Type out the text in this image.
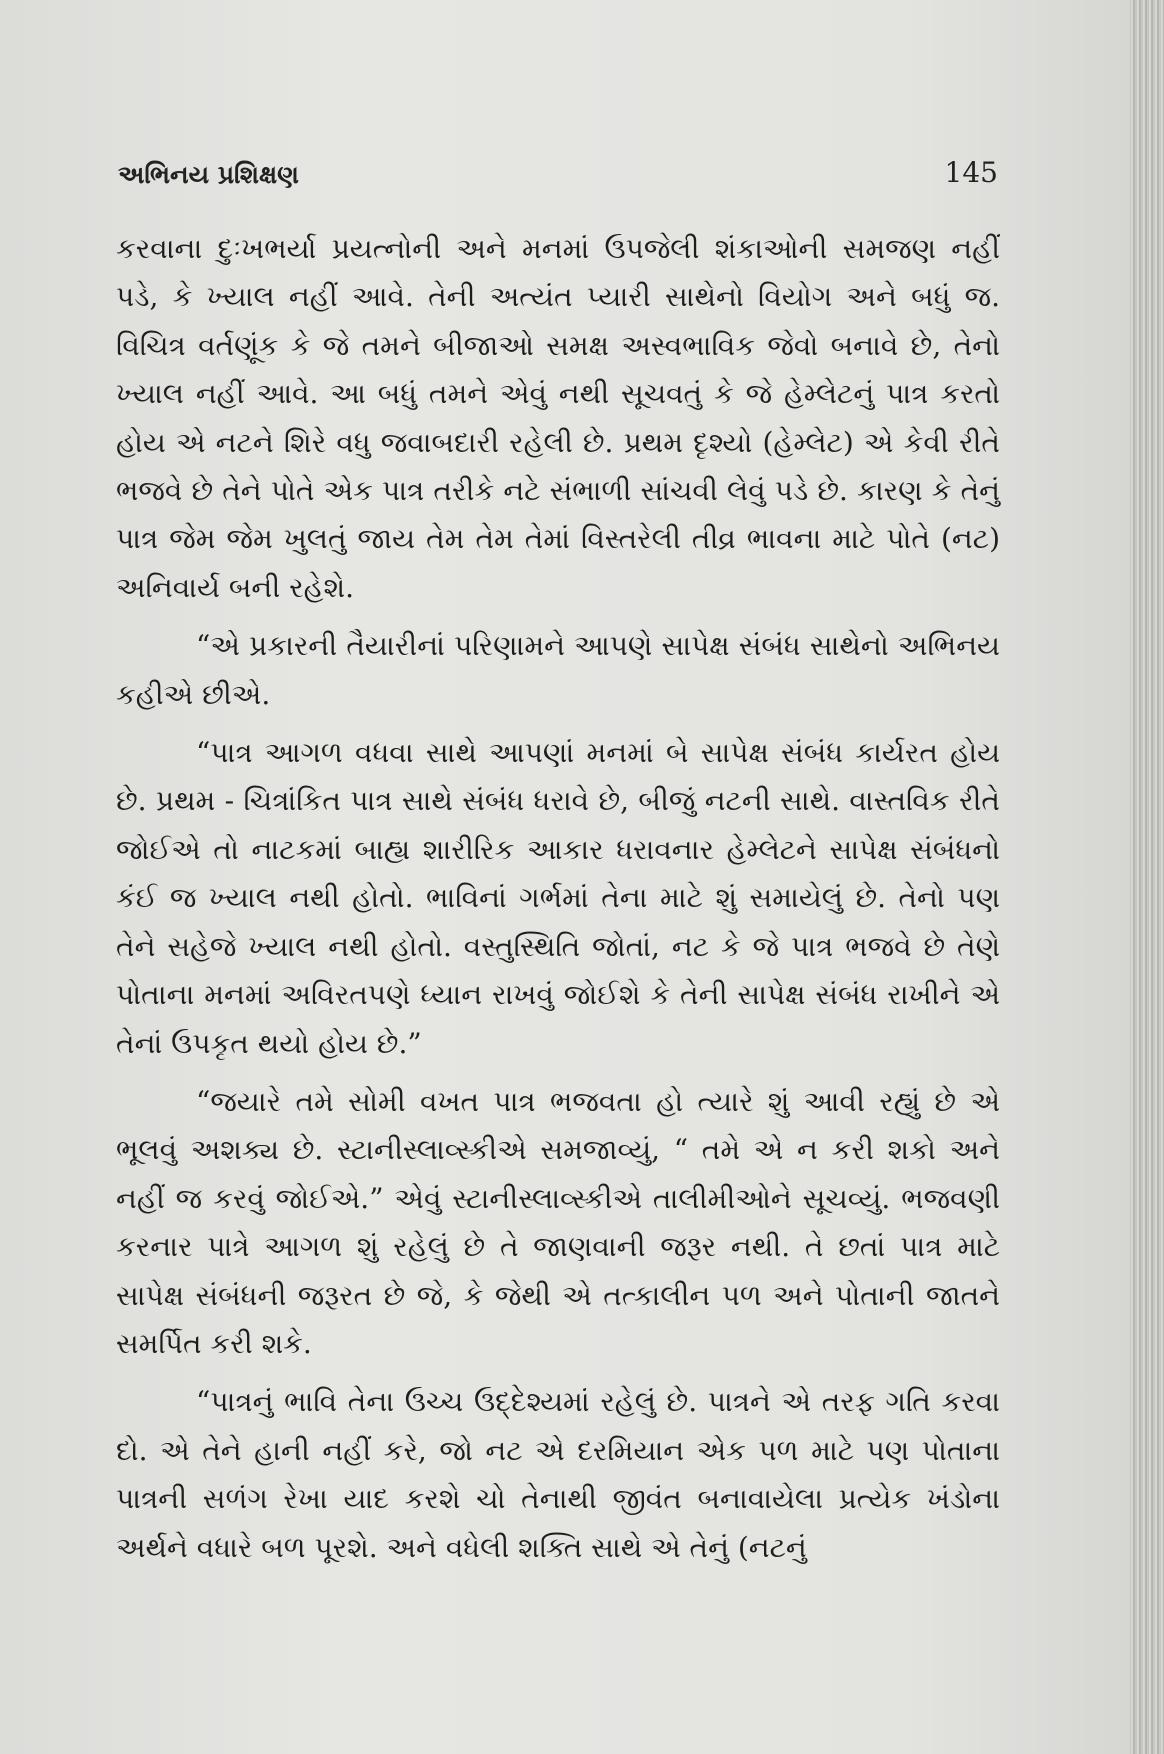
અભિનય પ્રશિક્ષણ	145

કરવાના દુઃખભર્યા પ્રયત્નોની અને મનમાં ઉપજેલી શંકાઓની સમજણ નહીં પડે, કે ખ્યાલ નહીં આવે. તેની અત્યંત પ્યારી સાથેનો વિયોગ અને બધું જ. વિચિત્ર વર્તણૂંક કે જે તમને બીજાઓ સમક્ષ અસ્વભાવિક જેવો બનાવે છે, તેનો ખ્યાલ નહીં આવે. આ બધું તમને એવું નથી સૂચવતું કે જે હેમ્લેટનું પાત્ર કરતો હોય એ નટને શિરે વધુ જવાબદારી રહેલી છે. પ્રથમ દૃશ્યો (હેમ્લેટ) એ કેવી રીતે ભજવે છે તેને પોતે એક પાત્ર તરીકે નટે સંભાળી સાંચવી લેવું પડે છે. કારણ કે તેનું પાત્ર જેમ જેમ ખુલતું જાય તેમ તેમ તેમાં વિસ્તરેલી તીવ્ર ભાવના માટે પોતે (નટ) અનિવાર્ય બની રહેશે.

“એ પ્રકારની તૈયારીનાં પરિણામને આપણે સાપેક્ષ સંબંધ સાથેનો અભિનય કહીએ છીએ.

“પાત્ર આગળ વધવા સાથે આપણાં મનમાં બે સાપેક્ષ સંબંધ કાર્યરત હોય છે. પ્રથમ - ચિત્રાંકિત પાત્ર સાથે સંબંધ ધરાવે છે, બીજું નટની સાથે. વાસ્તવિક રીતે જોઈએ તો નાટકમાં બાહ્ય શારીરિક આકાર ધરાવનાર હેમ્લેટને સાપેક્ષ સંબંધનો કંઈ જ ખ્યાલ નથી હોતો. ભાવિનાં ગર્ભમાં તેના માટે શું સમાયેલું છે. તેનો પણ તેને સહેજે ખ્યાલ નથી હોતો. વસ્તુસ્થિતિ જોતાં, નટ કે જે પાત્ર ભજવે છે તેણે પોતાના મનમાં અવિરતપણે ધ્યાન રાખવું જોઈશે કે તેની સાપેક્ષ સંબંધ રાખીને એ તેનાં ઉપકૃત થયો હોય છે.”

“જયારે તમે સોમી વખત પાત્ર ભજવતા હો ત્યારે શું આવી રહ્યું છે એ ભૂલવું અશક્ય છે. સ્ટાનીસ્લાવ્સ્કીએ સમજાવ્યું, “ તમે એ ન કરી શકો અને નહીં જ કરવું જોઈએ.” એવું સ્ટાનીસ્લાવ્સ્કીએ તાલીમીઓને સૂચવ્યું. ભજવણી કરનાર પાત્રે આગળ શું રહેલું છે તે જાણવાની જરૂર નથી. તે છતાં પાત્ર માટે સાપેક્ષ સંબંધની જરૂરત છે જે, કે જેથી એ તત્કાલીન પળ અને પોતાની જાતને સમર્પિત કરી શકે.

“પાત્રનું ભાવિ તેના ઉચ્ચ ઉદ્દેશ્યમાં રહેલું છે. પાત્રને એ તરફ ગતિ કરવા દો. એ તેને હાની નહીં કરે, જો નટ એ દરમિયાન એક પળ માટે પણ પોતાના પાત્રની સળંગ રેખા યાદ કરશે ચો તેનાથી જીવંત બનાવાયેલા પ્રત્યેક ખંડોના અર્થને વધારે બળ પૂરશે. અને વધેલી શક્તિ સાથે એ તેનું (નટનું
